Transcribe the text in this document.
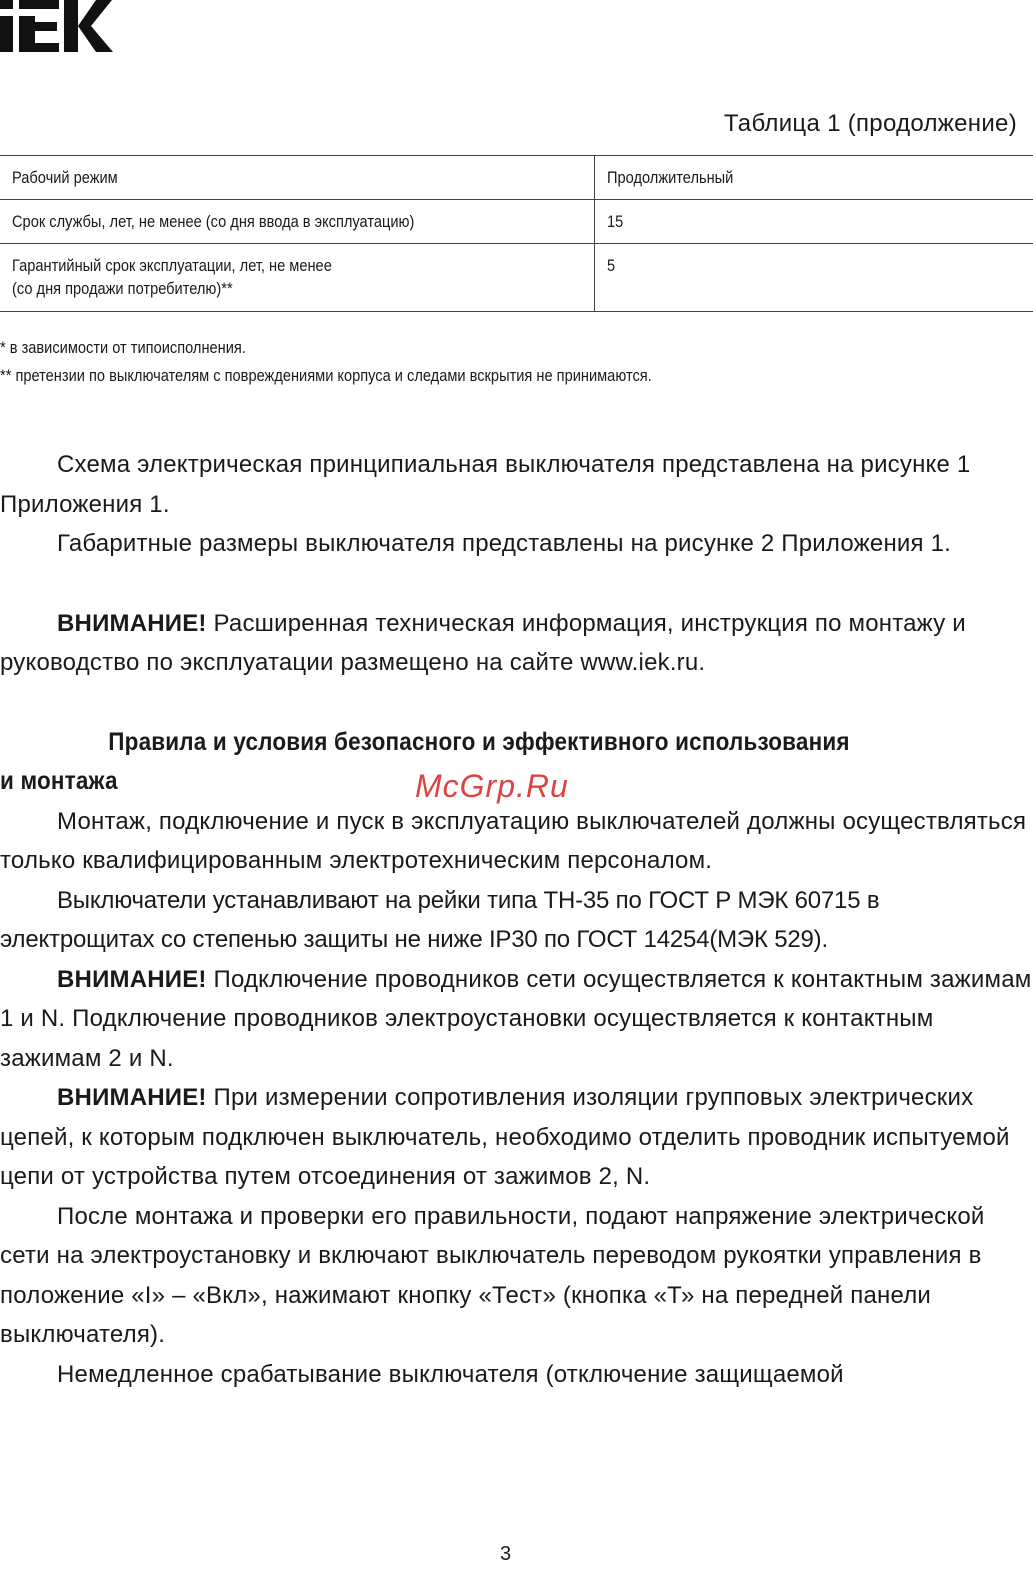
Таблица 1 (продолжение)
Рабочий режим	Продолжительный
Срок службы, лет, не менее (со дня ввода в эксплуатацию)	15
Гарантийный срок эксплуатации, лет, не менее
(со дня продажи потребителю)**	5
* в зависимости от типоисполнения.
** претензии по выключателям с повреждениями корпуса и следами вскрытия не принимаются.

Схема электрическая принципиальная выключателя представлена на рисунке 1 Приложения 1.

Габаритные размеры выключателя представлены на рисунке 2 Приложения 1.

ВНИМАНИЕ! Расширенная техническая информация, инструкция по монтажу и руководство по эксплуатации размещено на сайте www.iek.ru.

Правила и условия безопасного и эффективного использования

и монтажа

Монтаж, подключение и пуск в эксплуатацию выключателей должны осуществляться только квалифицированным электротехническим персоналом.

Выключатели устанавливают на рейки типа ТН-35 по ГОСТ Р МЭК 60715 в электрощитах со степенью защиты не ниже IP30 по ГОСТ 14254(МЭК 529).

ВНИМАНИЕ! Подключение проводников сети осуществляется к контактным зажимам 1 и N. Подключение проводников электроустановки осуществляется к контактным зажимам 2 и N.

ВНИМАНИЕ! При измерении сопротивления изоляции групповых электрических цепей, к которым подключен выключатель, необходимо отделить проводник испытуемой цепи от устройства путем отсоединения от зажимов 2, N.

После монтажа и проверки его правильности, подают напряжение электрической сети на электроустановку и включают выключатель переводом рукоятки управления в положение «I» – «Вкл», нажимают кнопку «Тест» (кнопка «Т» на передней панели выключателя).

Немедленное срабатывание выключателя (отключение защищаемой

McGrp.Ru
3
